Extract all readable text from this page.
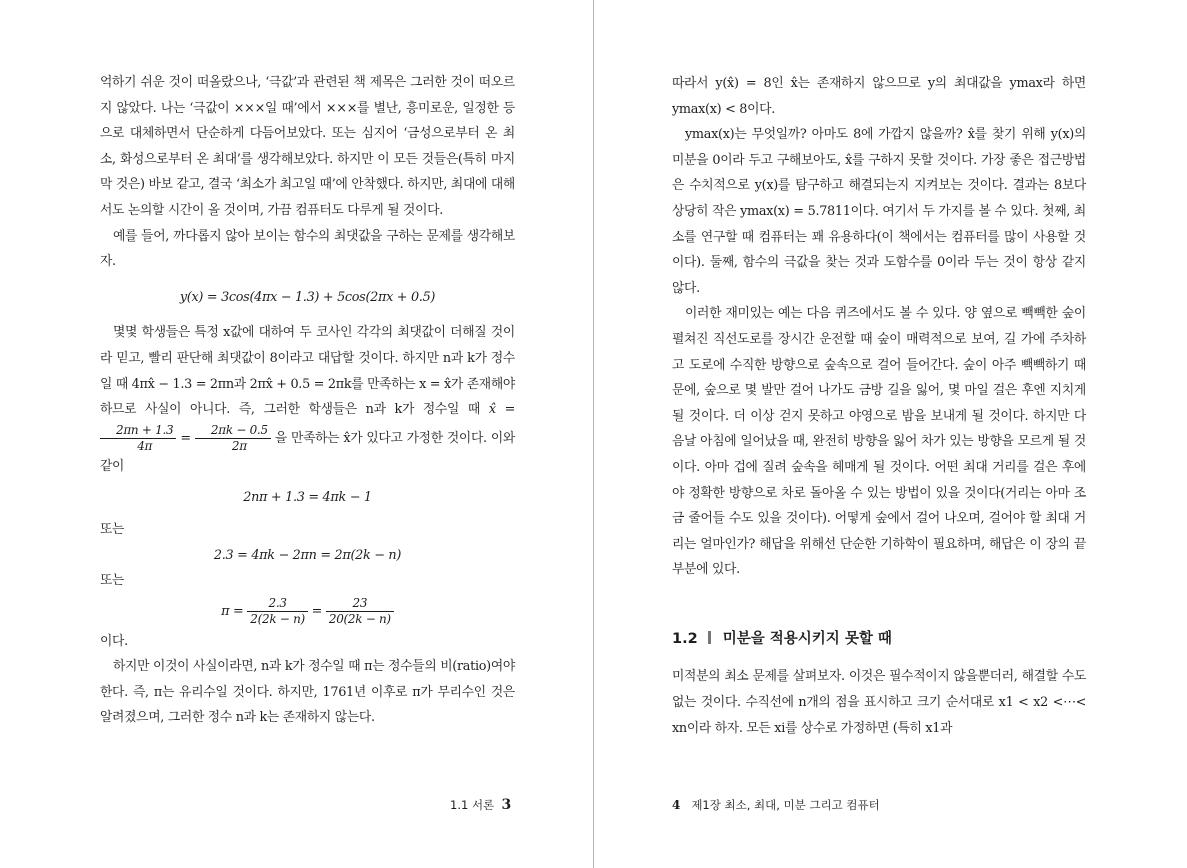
억하기 쉬운 것이 떠올랐으나, ‘극값’과 관련된 책 제목은 그러한 것이 떠오르지 않았다. 나는 ‘극값이 ×××일 때’에서 ×××를 별난, 흥미로운, 일정한 등으로 대체하면서 단순하게 다듬어보았다. 또는 심지어 ‘금성으로부터 온 최소, 화성으로부터 온 최대’를 생각해보았다. 하지만 이 모든 것들은(특히 마지막 것은) 바보 같고, 결국 ‘최소가 최고일 때’에 안착했다. 하지만, 최대에 대해서도 논의할 시간이 올 것이며, 가끔 컴퓨터도 다루게 될 것이다.

예를 들어, 까다롭지 않아 보이는 함수의 최댓값을 구하는 문제를 생각해보자.

y(x) = 3cos(4πx − 1.3) + 5cos(2πx + 0.5)

몇몇 학생들은 특정 x값에 대하여 두 코사인 각각의 최댓값이 더해질 것이라 믿고, 빨리 판단해 최댓값이 8이라고 대답할 것이다. 하지만 n과 k가 정수일 때 4πx̂ − 1.3 = 2πn과 2πx̂ + 0.5 = 2πk를 만족하는 x = x̂가 존재해야 하므로 사실이 아니다. 즉, 그러한 학생들은 n과 k가 정수일 때 x̂ =
$\frac{2\pi n + 1.3}{4\pi} = \frac{2\pi k - 0.5}{2\pi}$ 을 만족하는 x̂가 있다고 가정한 것이다. 이와 같이

2nπ + 1.3 = 4πk − 1

또는

2.3 = 4πk − 2πn = 2π(2k − n)

또는

$\pi = \frac{2.3}{2(2k - n)} = \frac{23}{20(2k - n)}$

이다.

하지만 이것이 사실이라면, n과 k가 정수일 때 π는 정수들의 비(ratio)여야 한다. 즉, π는 유리수일 것이다. 하지만, 1761년 이후로 π가 무리수인 것은 알려졌으며, 그러한 정수 n과 k는 존재하지 않는다.

1.1 서론 3

따라서 y(x̂) = 8인 x̂는 존재하지 않으므로 y의 최대값을 ymax라 하면 ymax(x) < 8이다.

ymax(x)는 무엇일까? 아마도 8에 가깝지 않을까? x̂를 찾기 위해 y(x)의 미분을 0이라 두고 구해보아도, x̂를 구하지 못할 것이다. 가장 좋은 접근방법은 수치적으로 y(x)를 탐구하고 해결되는지 지켜보는 것이다. 결과는 8보다 상당히 작은 ymax(x) = 5.7811이다. 여기서 두 가지를 볼 수 있다. 첫째, 최소를 연구할 때 컴퓨터는 꽤 유용하다(이 책에서는 컴퓨터를 많이 사용할 것이다). 둘째, 함수의 극값을 찾는 것과 도함수를 0이라 두는 것이 항상 같지 않다.

이러한 재미있는 예는 다음 퀴즈에서도 볼 수 있다. 양 옆으로 빽빽한 숲이 펼쳐진 직선도로를 장시간 운전할 때 숲이 매력적으로 보여, 길 가에 주차하고 도로에 수직한 방향으로 숲속으로 걸어 들어간다. 숲이 아주 빽빽하기 때문에, 숲으로 몇 발만 걸어 나가도 금방 길을 잃어, 몇 마일 걸은 후엔 지치게 될 것이다. 더 이상 걷지 못하고 야영으로 밤을 보내게 될 것이다. 하지만 다음날 아침에 일어났을 때, 완전히 방향을 잃어 차가 있는 방향을 모르게 될 것이다. 아마 겁에 질려 숲속을 헤매게 될 것이다. 어떤 최대 거리를 걸은 후에야 정확한 방향으로 차로 돌아올 수 있는 방법이 있을 것이다(거리는 아마 조금 줄어들 수도 있을 것이다). 어떻게 숲에서 걸어 나오며, 걸어야 할 최대 거리는 얼마인가? 해답을 위해선 단순한 기하학이 필요하며, 해답은 이 장의 끝 부분에 있다.

1.2 미분을 적용시키지 못할 때

미적분의 최소 문제를 살펴보자. 이것은 필수적이지 않을뿐더러, 해결할 수도 없는 것이다. 수직선에 n개의 점을 표시하고 크기 순서대로 x1 < x2 <⋯< xn이라 하자. 모든 xi를 상수로 가정하면 (특히 x1과

4 제1장 최소, 최대, 미분 그리고 컴퓨터
